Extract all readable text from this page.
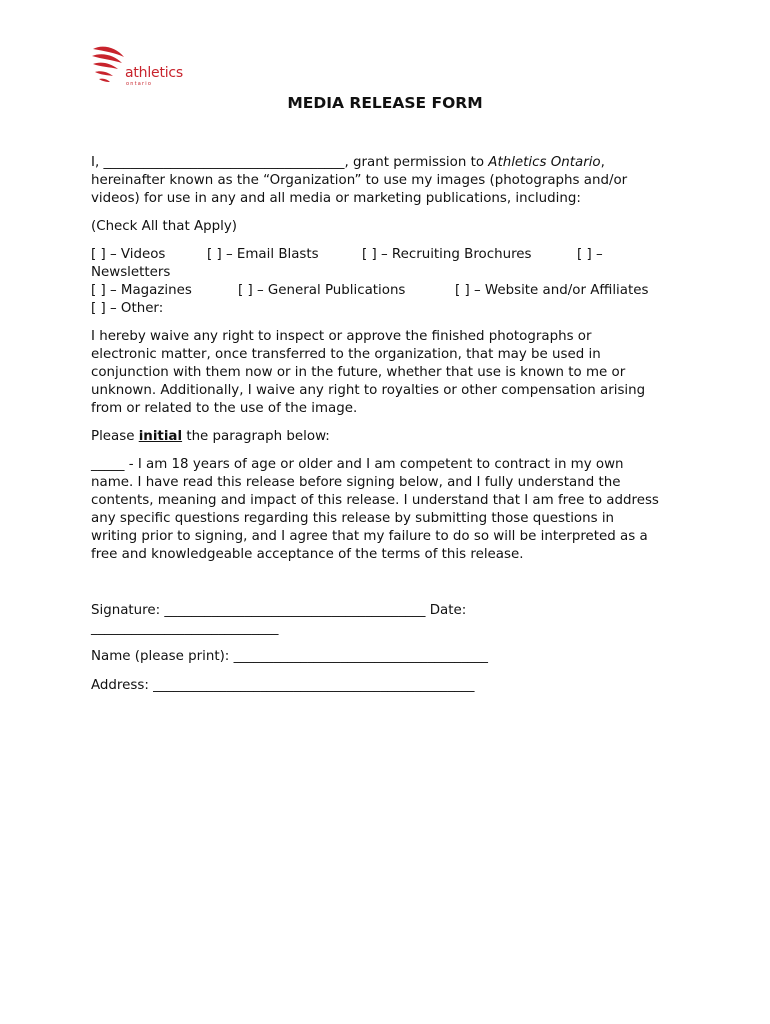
athletics
ontario
MEDIA RELEASE FORM
I, ____________________________________, grant permission to Athletics Ontario,
hereinafter known as the “Organization” to use my images (photographs and/or
videos) for use in any and all media or marketing publications, including:
(Check All that Apply)
[ ] – Videos	[ ] – Email Blasts	[ ] – Recruiting Brochures	[ ] –
Newsletters
[ ] – Magazines	[ ] – General Publications	[ ] – Website and/or Affiliates
[ ] – Other:
I hereby waive any right to inspect or approve the finished photographs or
electronic matter, once transferred to the organization, that may be used in
conjunction with them now or in the future, whether that use is known to me or
unknown. Additionally, I waive any right to royalties or other compensation arising
from or related to the use of the image.
Please initial the paragraph below:
_____ - I am 18 years of age or older and I am competent to contract in my own
name. I have read this release before signing below, and I fully understand the
contents, meaning and impact of this release. I understand that I am free to address
any specific questions regarding this release by submitting those questions in
writing prior to signing, and I agree that my failure to do so will be interpreted as a
free and knowledgeable acceptance of the terms of this release.
Signature: _______________________________________ Date:
____________________________
Name (please print): ______________________________________
Address: ________________________________________________
